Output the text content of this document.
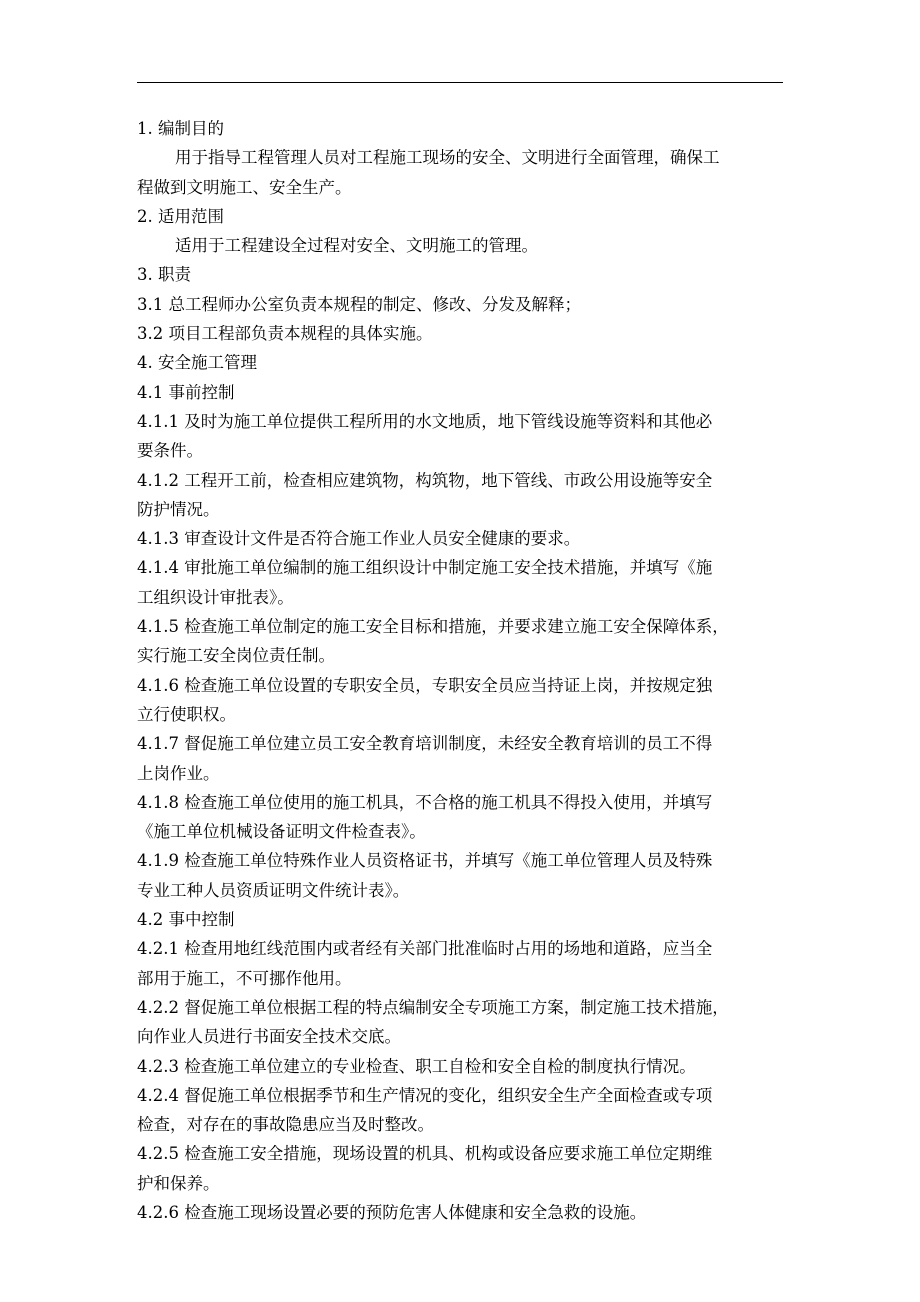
1. 编制目的
用于指导工程管理人员对工程施工现场的安全、文明进行全面管理，确保工
程做到文明施工、安全生产。
2. 适用范围
适用于工程建设全过程对安全、文明施工的管理。
3. 职责
3.1 总工程师办公室负责本规程的制定、修改、分发及解释；
3.2 项目工程部负责本规程的具体实施。
4. 安全施工管理
4.1 事前控制
4.1.1 及时为施工单位提供工程所用的水文地质，地下管线设施等资料和其他必
要条件。
4.1.2 工程开工前，检查相应建筑物，构筑物，地下管线、市政公用设施等安全
防护情况。
4.1.3 审查设计文件是否符合施工作业人员安全健康的要求。
4.1.4 审批施工单位编制的施工组织设计中制定施工安全技术措施，并填写《施
工组织设计审批表》。
4.1.5 检查施工单位制定的施工安全目标和措施，并要求建立施工安全保障体系，
实行施工安全岗位责任制。
4.1.6 检查施工单位设置的专职安全员，专职安全员应当持证上岗，并按规定独
立行使职权。
4.1.7 督促施工单位建立员工安全教育培训制度，未经安全教育培训的员工不得
上岗作业。
4.1.8 检查施工单位使用的施工机具，不合格的施工机具不得投入使用，并填写
《施工单位机械设备证明文件检查表》。
4.1.9 检查施工单位特殊作业人员资格证书，并填写《施工单位管理人员及特殊
专业工种人员资质证明文件统计表》。
4.2 事中控制
4.2.1 检查用地红线范围内或者经有关部门批准临时占用的场地和道路，应当全
部用于施工，不可挪作他用。
4.2.2 督促施工单位根据工程的特点编制安全专项施工方案，制定施工技术措施，
向作业人员进行书面安全技术交底。
4.2.3 检查施工单位建立的专业检查、职工自检和安全自检的制度执行情况。
4.2.4 督促施工单位根据季节和生产情况的变化，组织安全生产全面检查或专项
检查，对存在的事故隐患应当及时整改。
4.2.5 检查施工安全措施，现场设置的机具、机构或设备应要求施工单位定期维
护和保养。
4.2.6 检查施工现场设置必要的预防危害人体健康和安全急救的设施。
